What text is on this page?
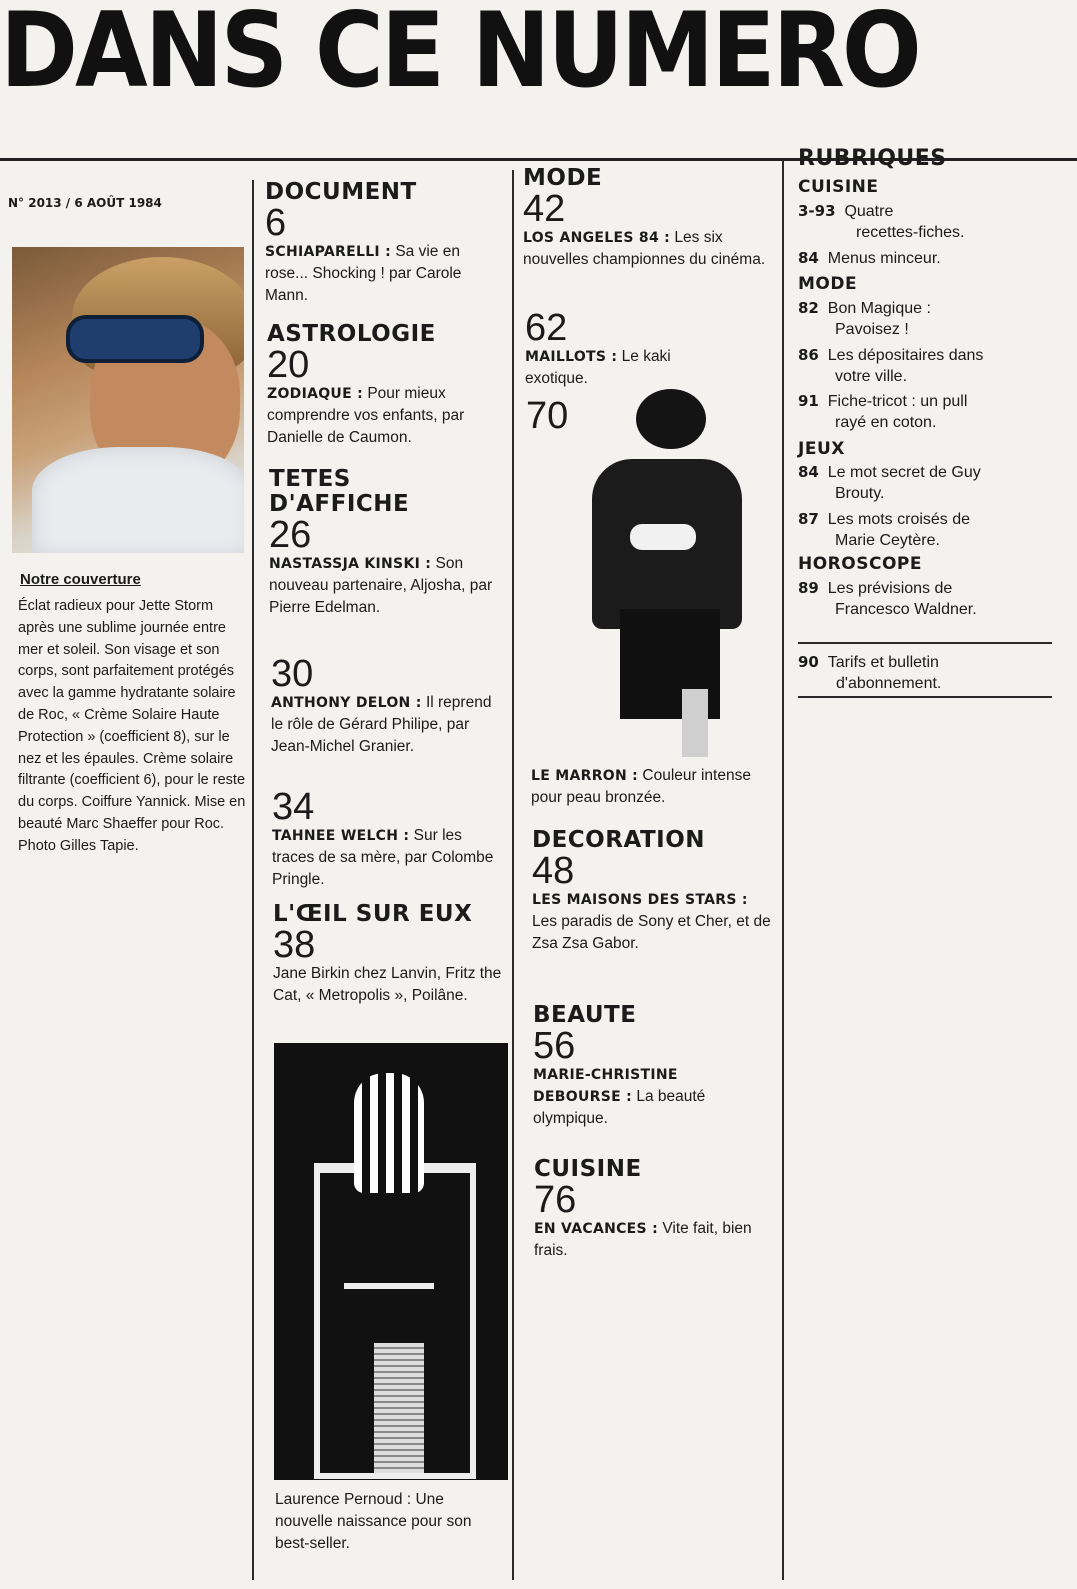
DANS CE NUMERO
N° 2013 / 6 AOÛT 1984
Notre couverture
Éclat radieux pour Jette Storm après une sublime journée entre mer et soleil. Son visage et son corps, sont parfaitement protégés avec la gamme hydratante solaire de Roc, « Crème Solaire Haute Protection » (coefficient 8), sur le nez et les épaules. Crème solaire filtrante (coefficient 6), pour le reste du corps. Coiffure Yannick. Mise en beauté Marc Shaeffer pour Roc. Photo Gilles Tapie.
DOCUMENT
6
SCHIAPARELLI : Sa vie en rose... Shocking ! par Carole Mann.
ASTROLOGIE
20
ZODIAQUE : Pour mieux comprendre vos enfants, par Danielle de Caumon.
TETES
D'AFFICHE
26
NASTASSJA KINSKI : Son nouveau partenaire, Aljosha, par Pierre Edelman.
30
ANTHONY DELON : Il reprend le rôle de Gérard Philipe, par Jean-Michel Granier.
34
TAHNEE WELCH : Sur les traces de sa mère, par Colombe Pringle.
L'ŒIL SUR EUX
38
Jane Birkin chez Lanvin, Fritz the Cat, « Metropolis », Poilâne.
Laurence Pernoud : Une nouvelle naissance pour son best-seller.
MODE
42
LOS ANGELES 84 : Les six nouvelles championnes du cinéma.
62
MAILLOTS : Le kaki exotique.
70
LE MARRON : Couleur intense pour peau bronzée.
DECORATION
48
LES MAISONS DES STARS : Les paradis de Sony et Cher, et de Zsa Zsa Gabor.
BEAUTE
56
MARIE-CHRISTINE DEBOURSE : La beauté olympique.
CUISINE
76
EN VACANCES : Vite fait, bien frais.
RUBRIQUES
CUISINE
3-93 Quatre
recettes-fiches.
84 Menus minceur.
MODE
82 Bon Magique :
Pavoisez !
86 Les dépositaires dans
votre ville.
91 Fiche-tricot : un pull
rayé en coton.
JEUX
84 Le mot secret de Guy
Brouty.
87 Les mots croisés de
Marie Ceytère.
HOROSCOPE
89 Les prévisions de
Francesco Waldner.
90 Tarifs et bulletin
d'abonnement.
